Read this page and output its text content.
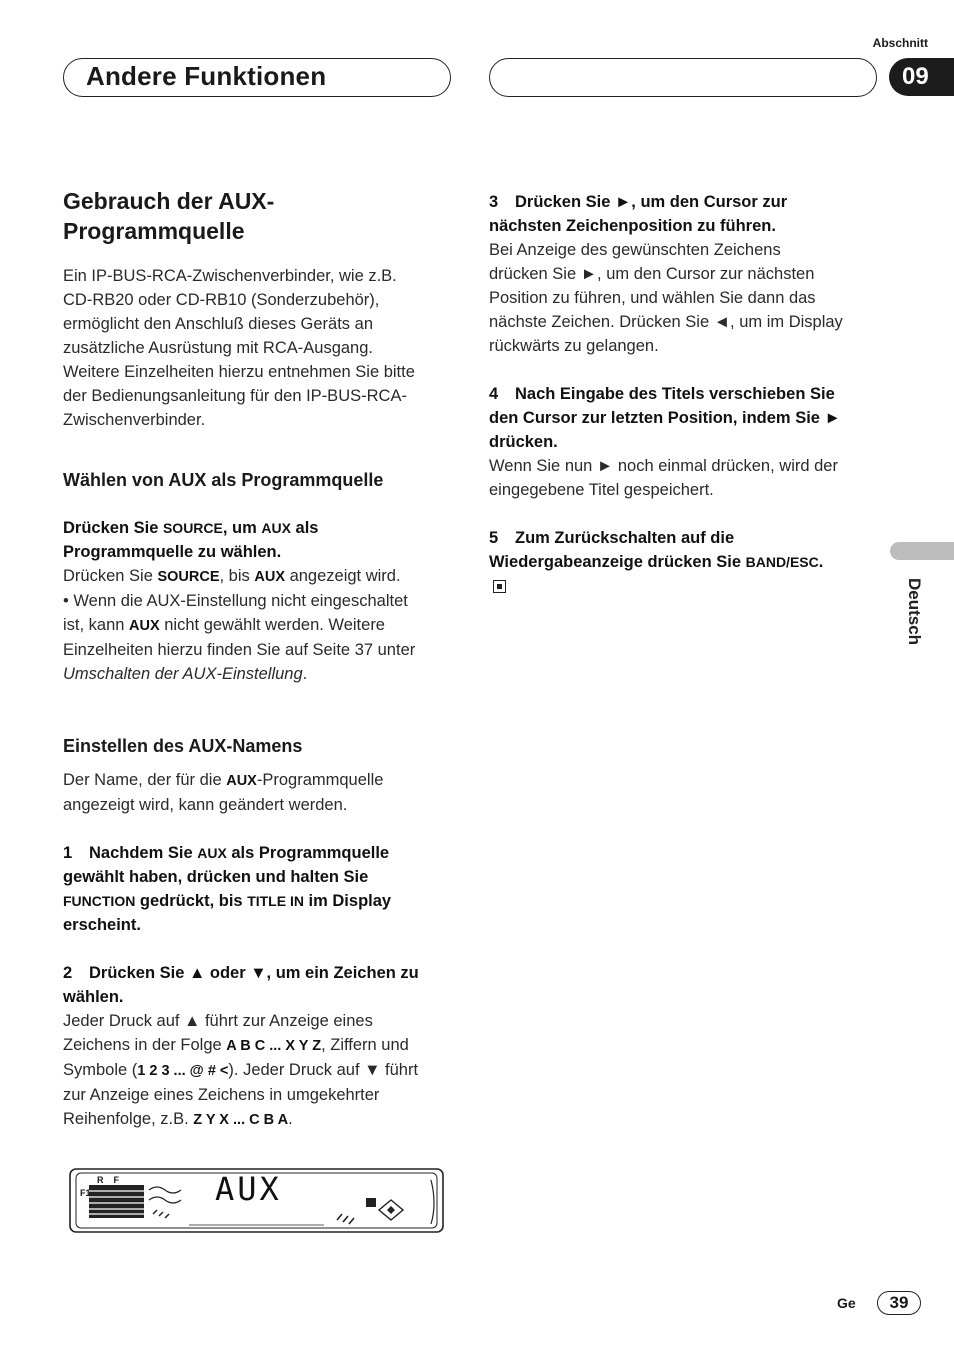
Andere Funktionen
Abschnitt
09
Deutsch
Gebrauch der AUX-
Programmquelle
Ein IP-BUS-RCA-Zwischenverbinder, wie z.B.
CD-RB20 oder CD-RB10 (Sonderzubehör),
ermöglicht den Anschluß dieses Geräts an
zusätzliche Ausrüstung mit RCA-Ausgang.
Weitere Einzelheiten hierzu entnehmen Sie bitte
der Bedienungsanleitung für den IP-BUS-RCA-
Zwischenverbinder.
Wählen von AUX als Programmquelle
Drücken Sie SOURCE, um AUX als
Programmquelle zu wählen.
Drücken Sie SOURCE, bis AUX angezeigt wird.
• Wenn die AUX-Einstellung nicht eingeschaltet
ist, kann AUX nicht gewählt werden. Weitere
Einzelheiten hierzu finden Sie auf Seite 37 unter
Umschalten der AUX-Einstellung.
Einstellen des AUX-Namens
Der Name, der für die AUX-Programmquelle
angezeigt wird, kann geändert werden.
1 Nachdem Sie AUX als Programmquelle
gewählt haben, drücken und halten Sie
FUNCTION gedrückt, bis TITLE IN im Display
erscheint.
2 Drücken Sie ▲ oder ▼, um ein Zeichen zu
wählen.
Jeder Druck auf ▲ führt zur Anzeige eines
Zeichens in der Folge A B C ... X Y Z, Ziffern und
Symbole (1 2 3 ... @ # <). Jeder Druck auf ▼ führt
zur Anzeige eines Zeichens in umgekehrter
Reihenfolge, z.B. Z Y X ... C B A.
F1
R    F	AUX
3 Drücken Sie ►, um den Cursor zur
nächsten Zeichenposition zu führen.
Bei Anzeige des gewünschten Zeichens
drücken Sie ►, um den Cursor zur nächsten
Position zu führen, und wählen Sie dann das
nächste Zeichen. Drücken Sie ◄, um im Display
rückwärts zu gelangen.
4 Nach Eingabe des Titels verschieben Sie
den Cursor zur letzten Position, indem Sie ►
drücken.
Wenn Sie nun ► noch einmal drücken, wird der
eingegebene Titel gespeichert.
5 Zum Zurückschalten auf die
Wiedergabeanzeige drücken Sie BAND/ESC.
Ge	39
